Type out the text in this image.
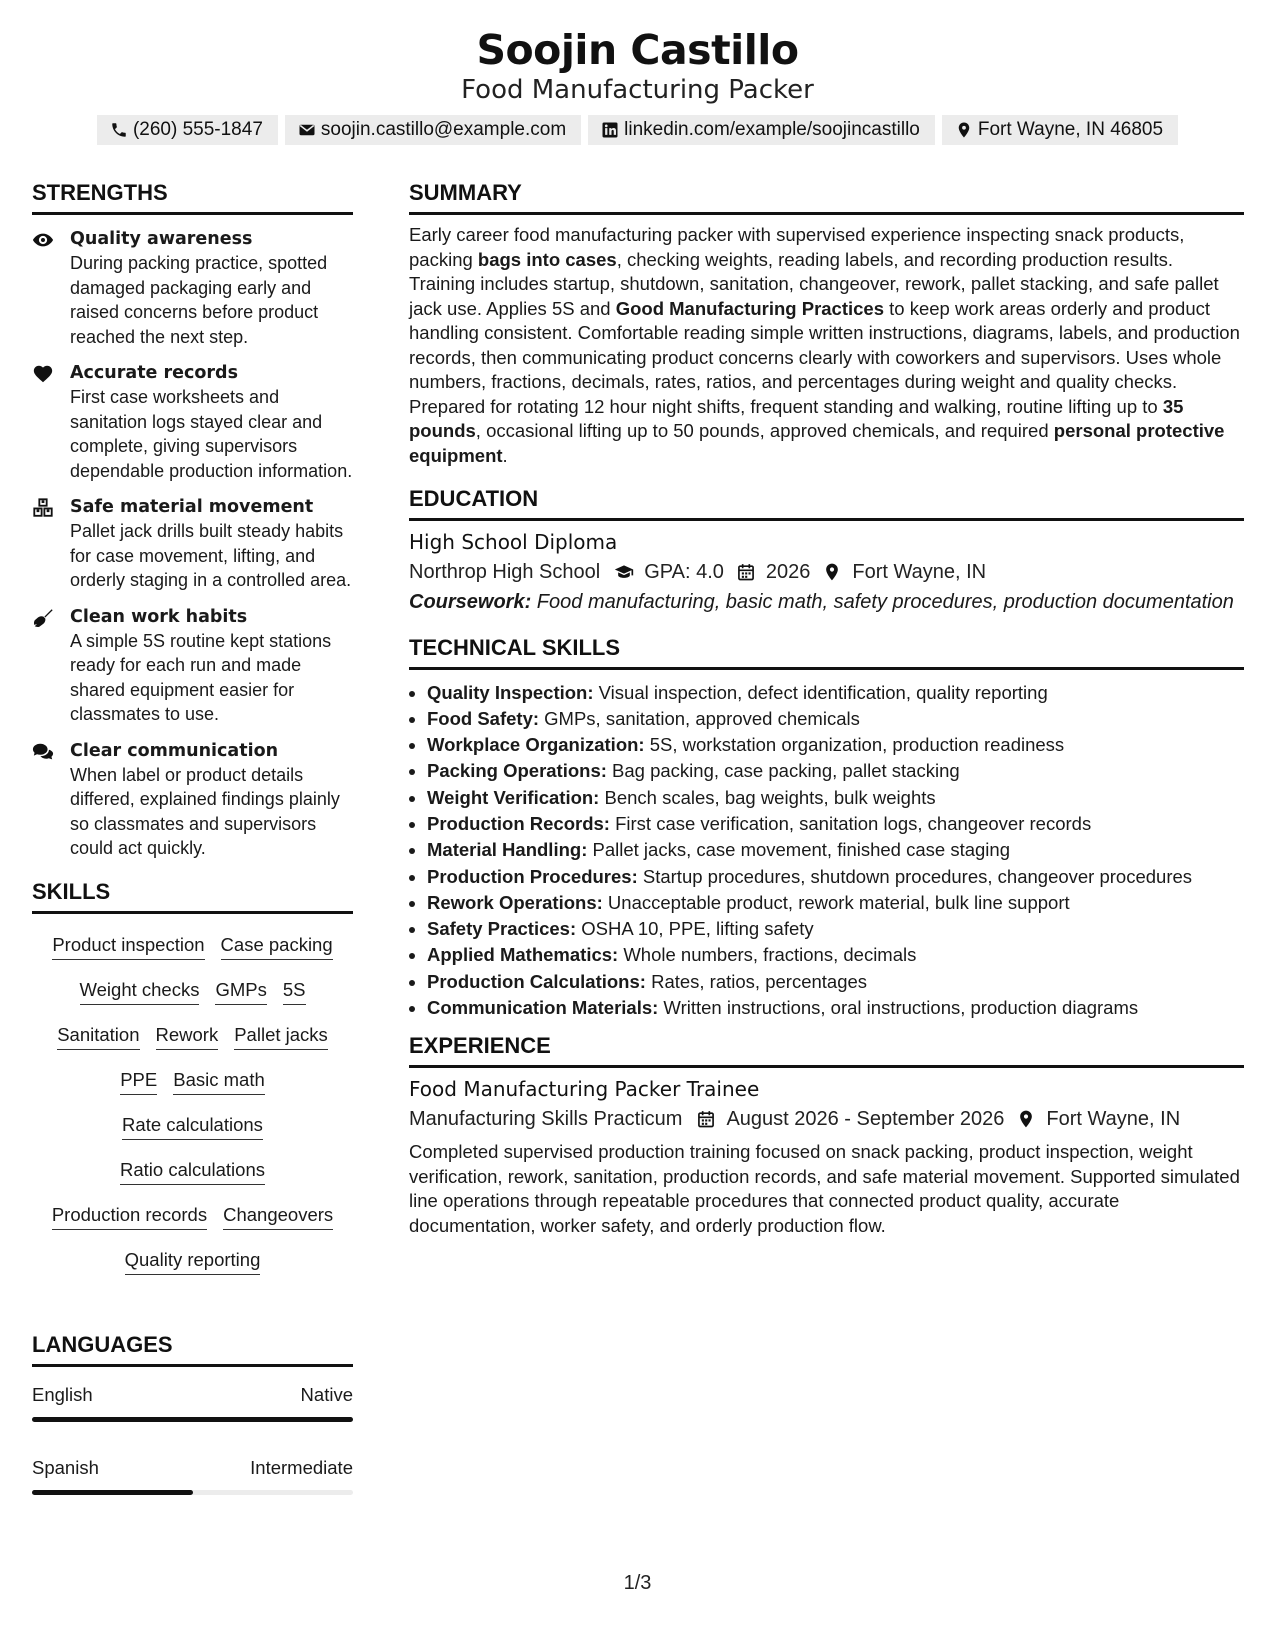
Soojin Castillo
Food Manufacturing Packer
(260) 555-1847	soojin.castillo@example.com	linkedin.com/example/soojincastillo	Fort Wayne, IN 46805
STRENGTHS
Quality awareness
During packing practice, spotted damaged packaging early and raised concerns before product reached the next step.
Accurate records
First case worksheets and sanitation logs stayed clear and complete, giving supervisors dependable production information.
Safe material movement
Pallet jack drills built steady habits for case movement, lifting, and orderly staging in a controlled area.
Clean work habits
A simple 5S routine kept stations ready for each run and made shared equipment easier for classmates to use.
Clear communication
When label or product details differed, explained findings plainly so classmates and supervisors could act quickly.
SKILLS
Product inspection Case packing
Weight checks GMPs 5S
Sanitation Rework Pallet jacks
PPE Basic math
Rate calculations
Ratio calculations
Production records Changeovers
Quality reporting
LANGUAGES
English	Native
Spanish	Intermediate
SUMMARY
Early career food manufacturing packer with supervised experience inspecting snack products, packing bags into cases, checking weights, reading labels, and recording production results. Training includes startup, shutdown, sanitation, changeover, rework, pallet stacking, and safe pallet jack use. Applies 5S and Good Manufacturing Practices to keep work areas orderly and product handling consistent. Comfortable reading simple written instructions, diagrams, labels, and production records, then communicating product concerns clearly with coworkers and supervisors. Uses whole numbers, fractions, decimals, rates, ratios, and percentages during weight and quality checks. Prepared for rotating 12 hour night shifts, frequent standing and walking, routine lifting up to 35 pounds, occasional lifting up to 50 pounds, approved chemicals, and required personal protective equipment.
EDUCATION
High School Diploma
Northrop High School GPA: 4.0 2026 Fort Wayne, IN
Coursework: Food manufacturing, basic math, safety procedures, production documentation
TECHNICAL SKILLS
• Quality Inspection: Visual inspection, defect identification, quality reporting
• Food Safety: GMPs, sanitation, approved chemicals
• Workplace Organization: 5S, workstation organization, production readiness
• Packing Operations: Bag packing, case packing, pallet stacking
• Weight Verification: Bench scales, bag weights, bulk weights
• Production Records: First case verification, sanitation logs, changeover records
• Material Handling: Pallet jacks, case movement, finished case staging
• Production Procedures: Startup procedures, shutdown procedures, changeover procedures
• Rework Operations: Unacceptable product, rework material, bulk line support
• Safety Practices: OSHA 10, PPE, lifting safety
• Applied Mathematics: Whole numbers, fractions, decimals
• Production Calculations: Rates, ratios, percentages
• Communication Materials: Written instructions, oral instructions, production diagrams
EXPERIENCE
Food Manufacturing Packer Trainee
Manufacturing Skills Practicum August 2026 - September 2026 Fort Wayne, IN
Completed supervised production training focused on snack packing, product inspection, weight verification, rework, sanitation, production records, and safe material movement. Supported simulated line operations through repeatable procedures that connected product quality, accurate documentation, worker safety, and orderly production flow.
1/3
